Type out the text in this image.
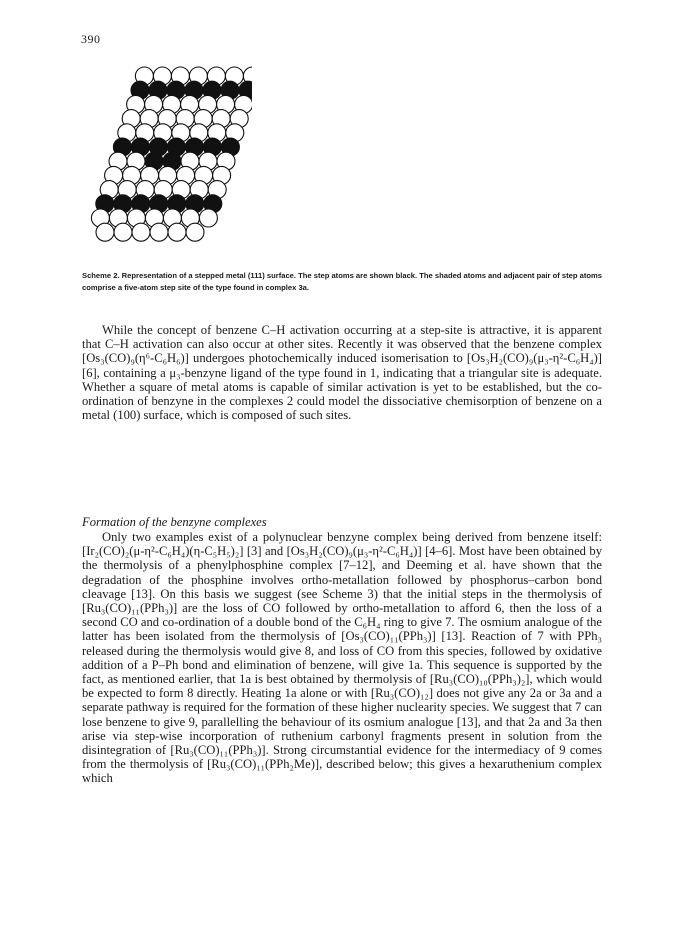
390
Scheme 2. Representation of a stepped metal (111) surface. The step atoms are shown black. The shaded atoms and adjacent pair of step atoms comprise a five-atom step site of the type found in complex 3a.

While the concept of benzene C–H activation occurring at a step-site is attractive, it is apparent that C–H activation can also occur at other sites. Recently it was observed that the benzene complex [Os₃(CO)₉(η⁶-C₆H₆)] undergoes photochemically induced isomerisation to [Os₃H₂(CO)₉(μ₃-η²-C₆H₄)] [6], containing a μ₃-benzyne ligand of the type found in 1, indicating that a triangular site is adequate. Whether a square of metal atoms is capable of similar activation is yet to be established, but the co-ordination of benzyne in the complexes 2 could model the dissociative chemisorption of benzene on a metal (100) surface, which is composed of such sites.

Formation of the benzyne complexes

Only two examples exist of a polynuclear benzyne complex being derived from benzene itself: [Ir₂(CO)₂(μ-η²-C₆H₄)(η-C₅H₅)₂] [3] and [Os₃H₂(CO)₉(μ₃-η²-C₆H₄)] [4–6]. Most have been obtained by the thermolysis of a phenylphosphine complex [7–12], and Deeming et al. have shown that the degradation of the phosphine involves ortho-metallation followed by phosphorus–carbon bond cleavage [13]. On this basis we suggest (see Scheme 3) that the initial steps in the thermolysis of [Ru₃(CO)₁₁(PPh₃)] are the loss of CO followed by ortho-metallation to afford 6, then the loss of a second CO and co-ordination of a double bond of the C₆H₄ ring to give 7. The osmium analogue of the latter has been isolated from the thermolysis of [Os₃(CO)₁₁(PPh₃)] [13]. Reaction of 7 with PPh₃ released during the thermolysis would give 8, and loss of CO from this species, followed by oxidative addition of a P–Ph bond and elimination of benzene, will give 1a. This sequence is supported by the fact, as mentioned earlier, that 1a is best obtained by thermolysis of [Ru₃(CO)₁₀(PPh₃)₂], which would be expected to form 8 directly. Heating 1a alone or with [Ru₃(CO)₁₂] does not give any 2a or 3a and a separate pathway is required for the formation of these higher nuclearity species. We suggest that 7 can lose benzene to give 9, parallelling the behaviour of its osmium analogue [13], and that 2a and 3a then arise via step-wise incorporation of ruthenium carbonyl fragments present in solution from the disintegration of [Ru₃(CO)₁₁(PPh₃)]. Strong circumstantial evidence for the intermediacy of 9 comes from the thermolysis of [Ru₃(CO)₁₁(PPh₂Me)], described below; this gives a hexaruthenium complex which
